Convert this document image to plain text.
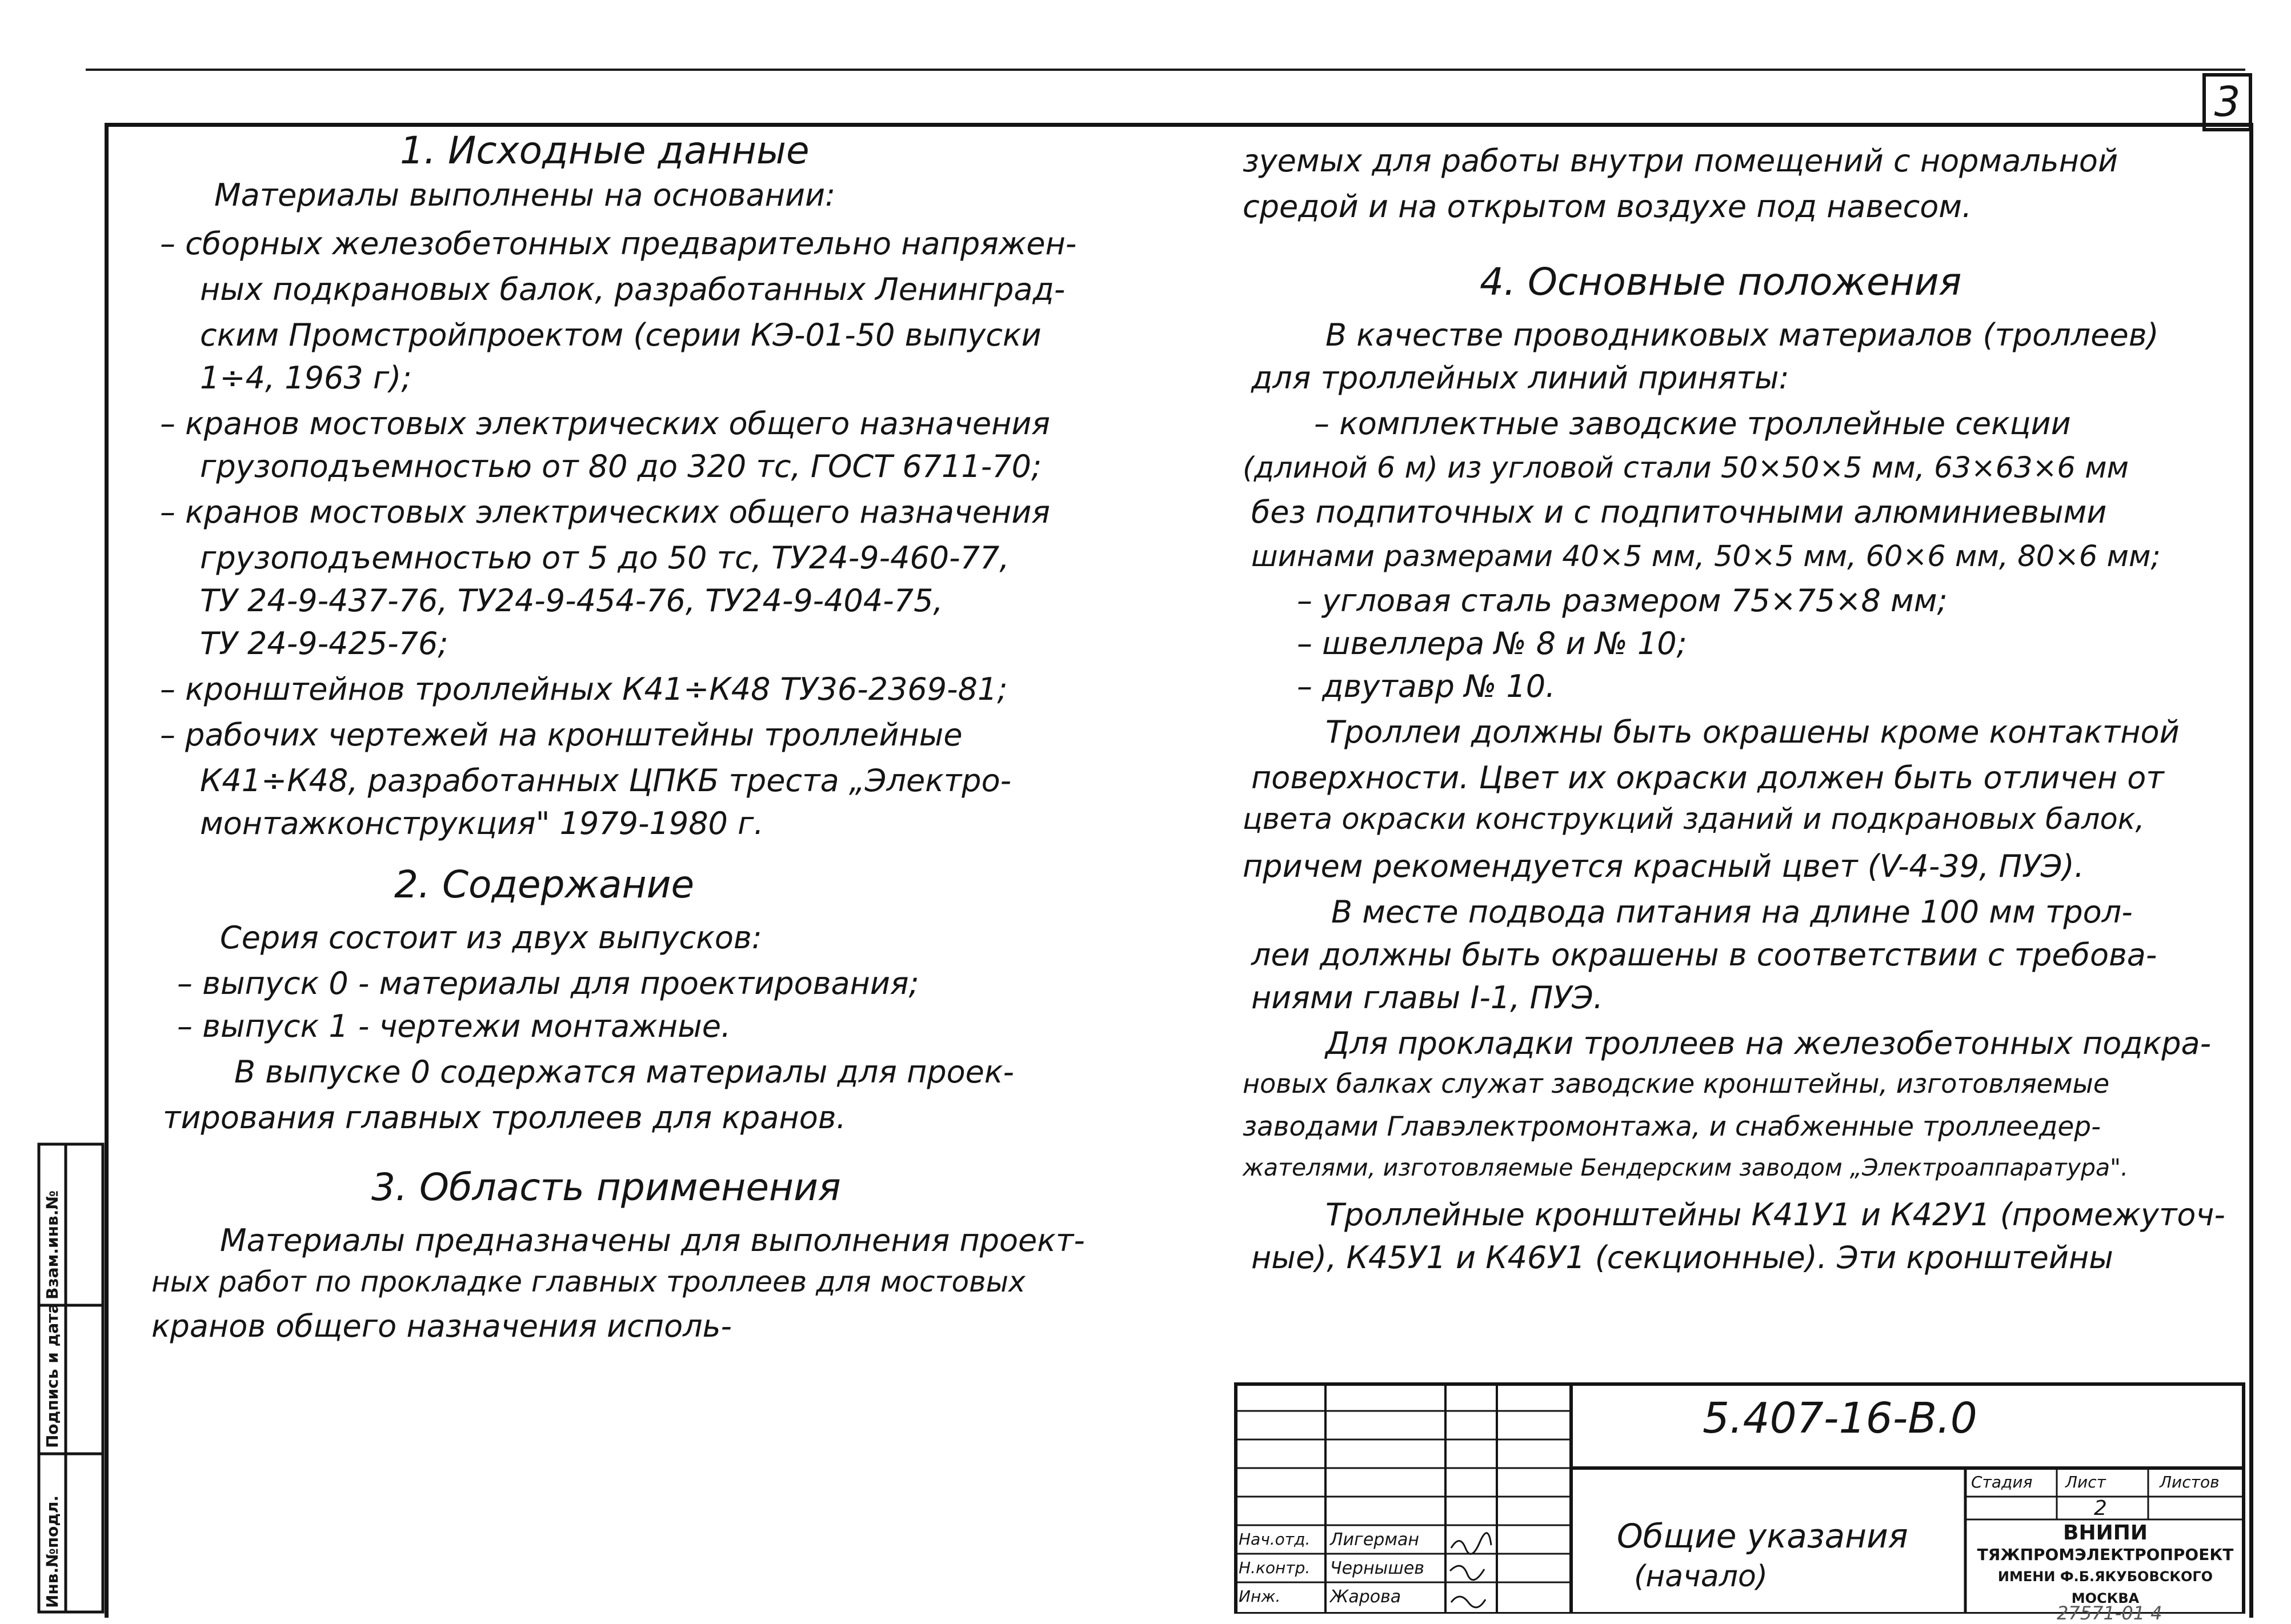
3
1. Исходные данные
Материалы выполнены на основании:
– сборных железобетонных предварительно напряжен-
ных подкрановых балок, разработанных Ленинград-
ским Промстройпроектом (серии КЭ-01-50 выпуски
1÷4, 1963 г);
– кранов мостовых электрических общего назначения
грузоподъемностью от 80 до 320 тс, ГОСТ 6711-70;
– кранов мостовых электрических общего назначения
грузоподъемностью от 5 до 50 тс, ТУ24-9-460-77,
ТУ 24-9-437-76, ТУ24-9-454-76, ТУ24-9-404-75,
ТУ 24-9-425-76;
– кронштейнов троллейных К41÷К48 ТУ36-2369-81;
– рабочих чертежей на кронштейны троллейные
К41÷К48, разработанных ЦПКБ треста „Электро-
монтажконструкция" 1979-1980 г.
2. Содержание
Серия состоит из двух выпусков:
– выпуск 0 - материалы для проектирования;
– выпуск 1 - чертежи монтажные.
В выпуске 0 содержатся материалы для проек-
тирования главных троллеев для кранов.
3. Область применения
Материалы предназначены для выполнения проект-
ных работ по прокладке главных троллеев для мостовых
кранов общего назначения исполь-
зуемых для работы внутри помещений с нормальной
средой и на открытом воздухе под навесом.
4. Основные положения
В качестве проводниковых материалов (троллеев)
для троллейных линий приняты:
– комплектные заводские троллейные секции
(длиной 6 м) из угловой стали 50×50×5 мм, 63×63×6 мм
без подпиточных и с подпиточными алюминиевыми
шинами размерами 40×5 мм, 50×5 мм, 60×6 мм, 80×6 мм;
– угловая сталь размером 75×75×8 мм;
– швеллера № 8 и № 10;
– двутавр № 10.
Троллеи должны быть окрашены кроме контактной
поверхности. Цвет их окраски должен быть отличен от
цвета окраски конструкций зданий и подкрановых балок,
причем рекомендуется красный цвет (V-4-39, ПУЭ).
В месте подвода питания на длине 100 мм трол-
леи должны быть окрашены в соответствии с требова-
ниями главы I-1, ПУЭ.
Для прокладки троллеев на железобетонных подкра-
новых балках служат заводские кронштейны, изготовляемые
заводами Главэлектромонтажа, и снабженные троллеедер-
жателями, изготовляемые Бендерским заводом „Электроаппаратура".
Троллейные кронштейны К41У1 и К42У1 (промежуточ-
ные), К45У1 и К46У1 (секционные). Эти кронштейны
5.407-16-В.0
Общие указания
(начало)
Стадия Лист	Листов
2
ВНИПИ
ТЯЖПРОМЭЛЕКТРОПРОЕКТ
ИМЕНИ Ф.Б.ЯКУБОВСКОГО
МОСКВА
Нач.отд. Лигерман
Н.контр. Чернышев
Инж.	Жарова
Инв.№подл.
Подпись и дата
Взам.инв.№
27571-01 4
